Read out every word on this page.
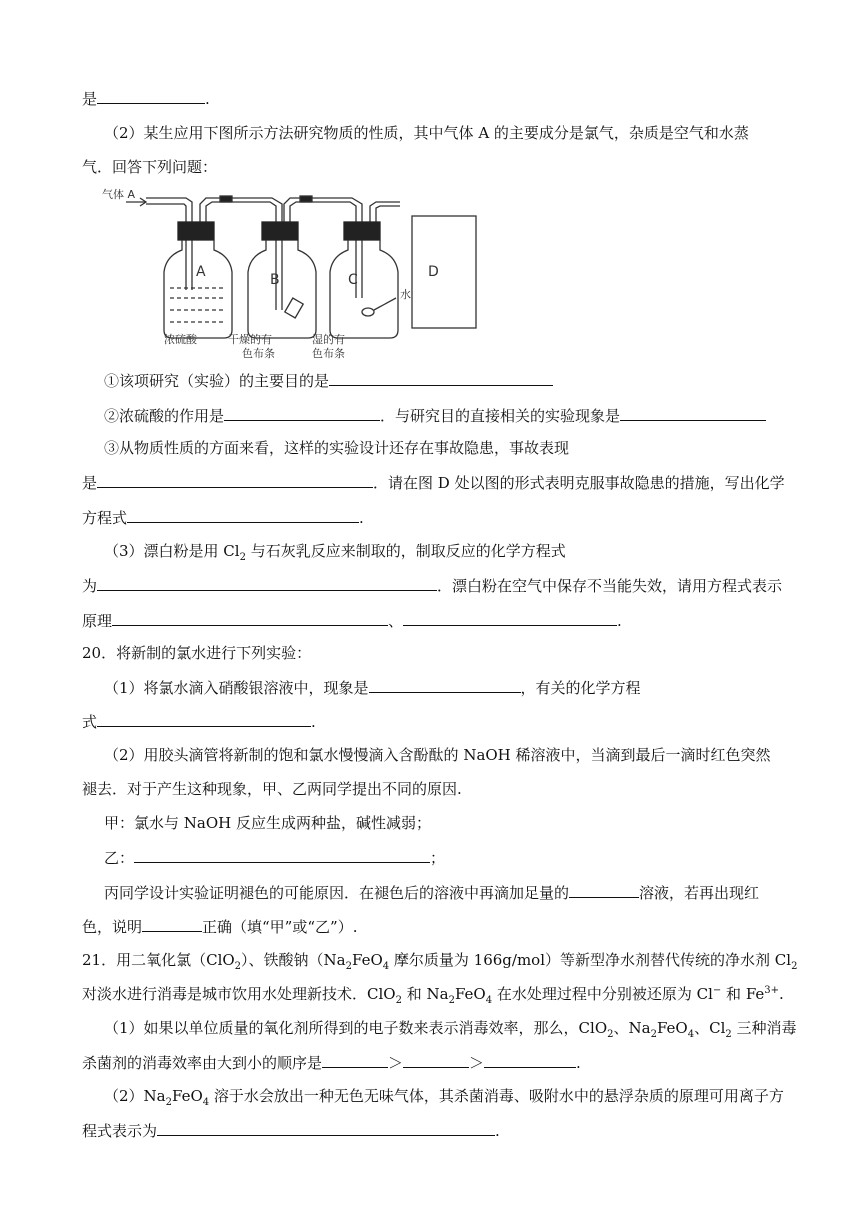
是	.
（2）某生应用下图所示方法研究物质的性质，其中气体 A 的主要成分是氯气，杂质是空气和水蒸
气．回答下列问题：
气体 A
A	B	C	D
水
浓硫酸	干燥的有
色布条
湿的有
色布条
①该项研究（实验）的主要目的是
②浓硫酸的作用是	．与研究目的直接相关的实验现象是
③从物质性质的方面来看，这样的实验设计还存在事故隐患，事故表现
是	．请在图 D 处以图的形式表明克服事故隐患的措施，写出化学
方程式	.
（3）漂白粉是用 $Cl_2$ 与石灰乳反应来制取的，制取反应的化学方程式
为	．漂白粉在空气中保存不当能失效，请用方程式表示
原理	、	.
20．将新制的氯水进行下列实验：
（1）将氯水滴入硝酸银溶液中，现象是	，有关的化学方程
式	.
（2）用胶头滴管将新制的饱和氯水慢慢滴入含酚酞的 NaOH 稀溶液中，当滴到最后一滴时红色突然
褪去．对于产生这种现象，甲、乙两同学提出不同的原因.
甲：氯水与 NaOH 反应生成两种盐，碱性减弱；
乙：	；
丙同学设计实验证明褪色的可能原因．在褪色后的溶液中再滴加足量的	溶液，若再出现红
色，说明	正确（填“甲”或“乙”）.
21．用二氧化氯（ClO$_2$）、铁酸钠（$Na_2FeO_4$ 摩尔质量为 166g/mol）等新型净水剂替代传统的净水剂 $Cl_2$
对淡水进行消毒是城市饮用水处理新技术．ClO$_2$ 和 $Na_2FeO_4$ 在水处理过程中分别被还原为 Cl− 和 $Fe^{3+}$.
（1）如果以单位质量的氧化剂所得到的电子数来表示消毒效率，那么，ClO$_2$、$Na_2FeO_4$、$Cl_2$ 三种消毒
杀菌剂的消毒效率由大到小的顺序是	＞	＞	.
$(2)Na_2FeO_4$ 溶于水会放出一种无色无味气体，其杀菌消毒、吸附水中的悬浮杂质的原理可用离子方
程式表示为	.
